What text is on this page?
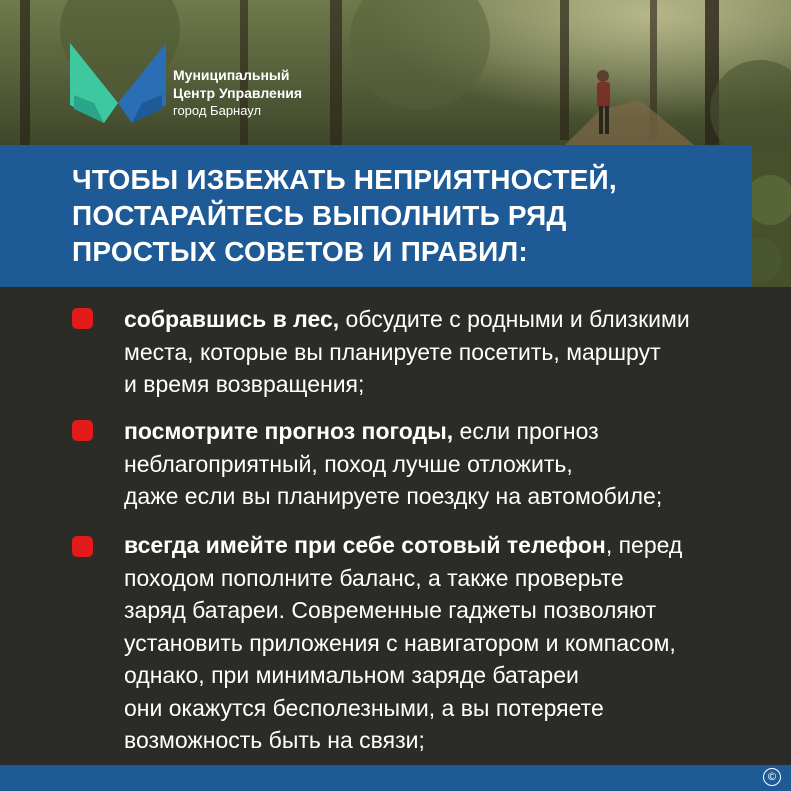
Муниципальный
Центр Управления
город Барнаул
ЧТОБЫ ИЗБЕЖАТЬ НЕПРИЯТНОСТЕЙ,
ПОСТАРАЙТЕСЬ ВЫПОЛНИТЬ РЯД
ПРОСТЫХ СОВЕТОВ И ПРАВИЛ:
собравшись в лес, обсудите с родными и близкими
места, которые вы планируете посетить, маршрут
и время возвращения;
посмотрите прогноз погоды, если прогноз
неблагоприятный, поход лучше отложить,
даже если вы планируете поездку на автомобиле;
всегда имейте при себе сотовый телефон, перед
походом пополните баланс, а также проверьте
заряд батареи. Современные гаджеты позволяют
установить приложения с навигатором и компасом,
однако, при минимальном заряде батареи
они окажутся бесполезными, а вы потеряете
возможность быть на связи;
©
